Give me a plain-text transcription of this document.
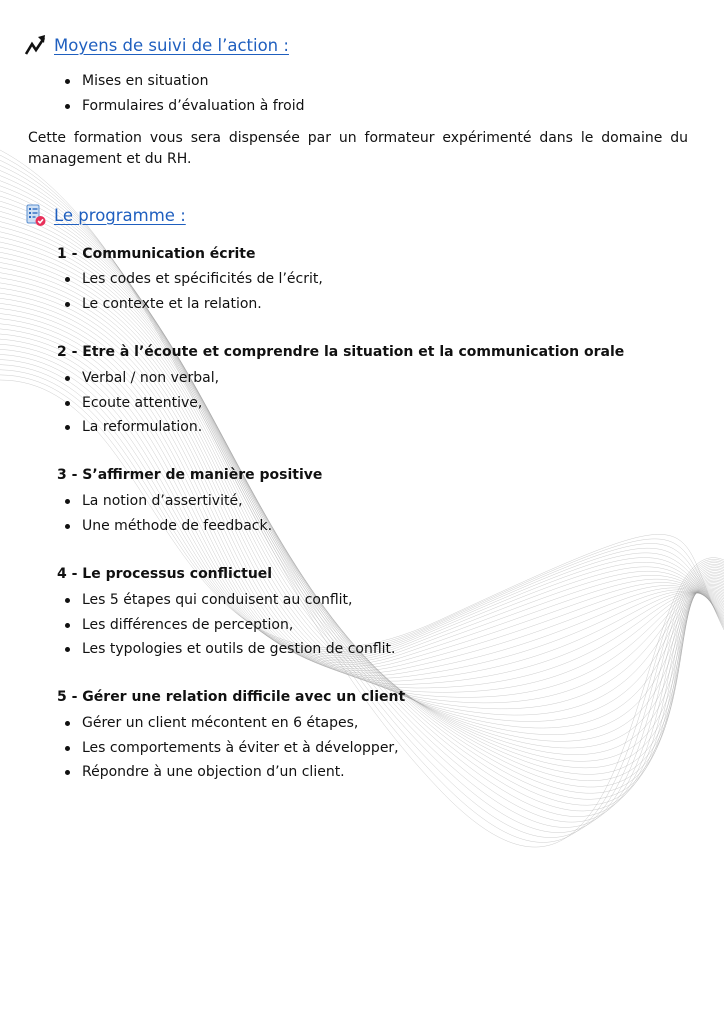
Moyens de suivi de l’action :
Mises en situation
Formulaires d’évaluation à froid

Cette formation vous sera dispensée par un formateur expérimenté dans le domaine du management et du RH.

Le programme :
1 - Communication écrite
Les codes et spécificités de l’écrit,
Le contexte et la relation.
2 - Etre à l’écoute et comprendre la situation et la communication orale
Verbal / non verbal,
Ecoute attentive,
La reformulation.
3 - S’affirmer de manière positive
La notion d’assertivité,
Une méthode de feedback.
4 - Le processus conflictuel
Les 5 étapes qui conduisent au conflit,
Les différences de perception,
Les typologies et outils de gestion de conflit.
5 - Gérer une relation difficile avec un client
Gérer un client mécontent en 6 étapes,
Les comportements à éviter et à développer,
Répondre à une objection d’un client.
